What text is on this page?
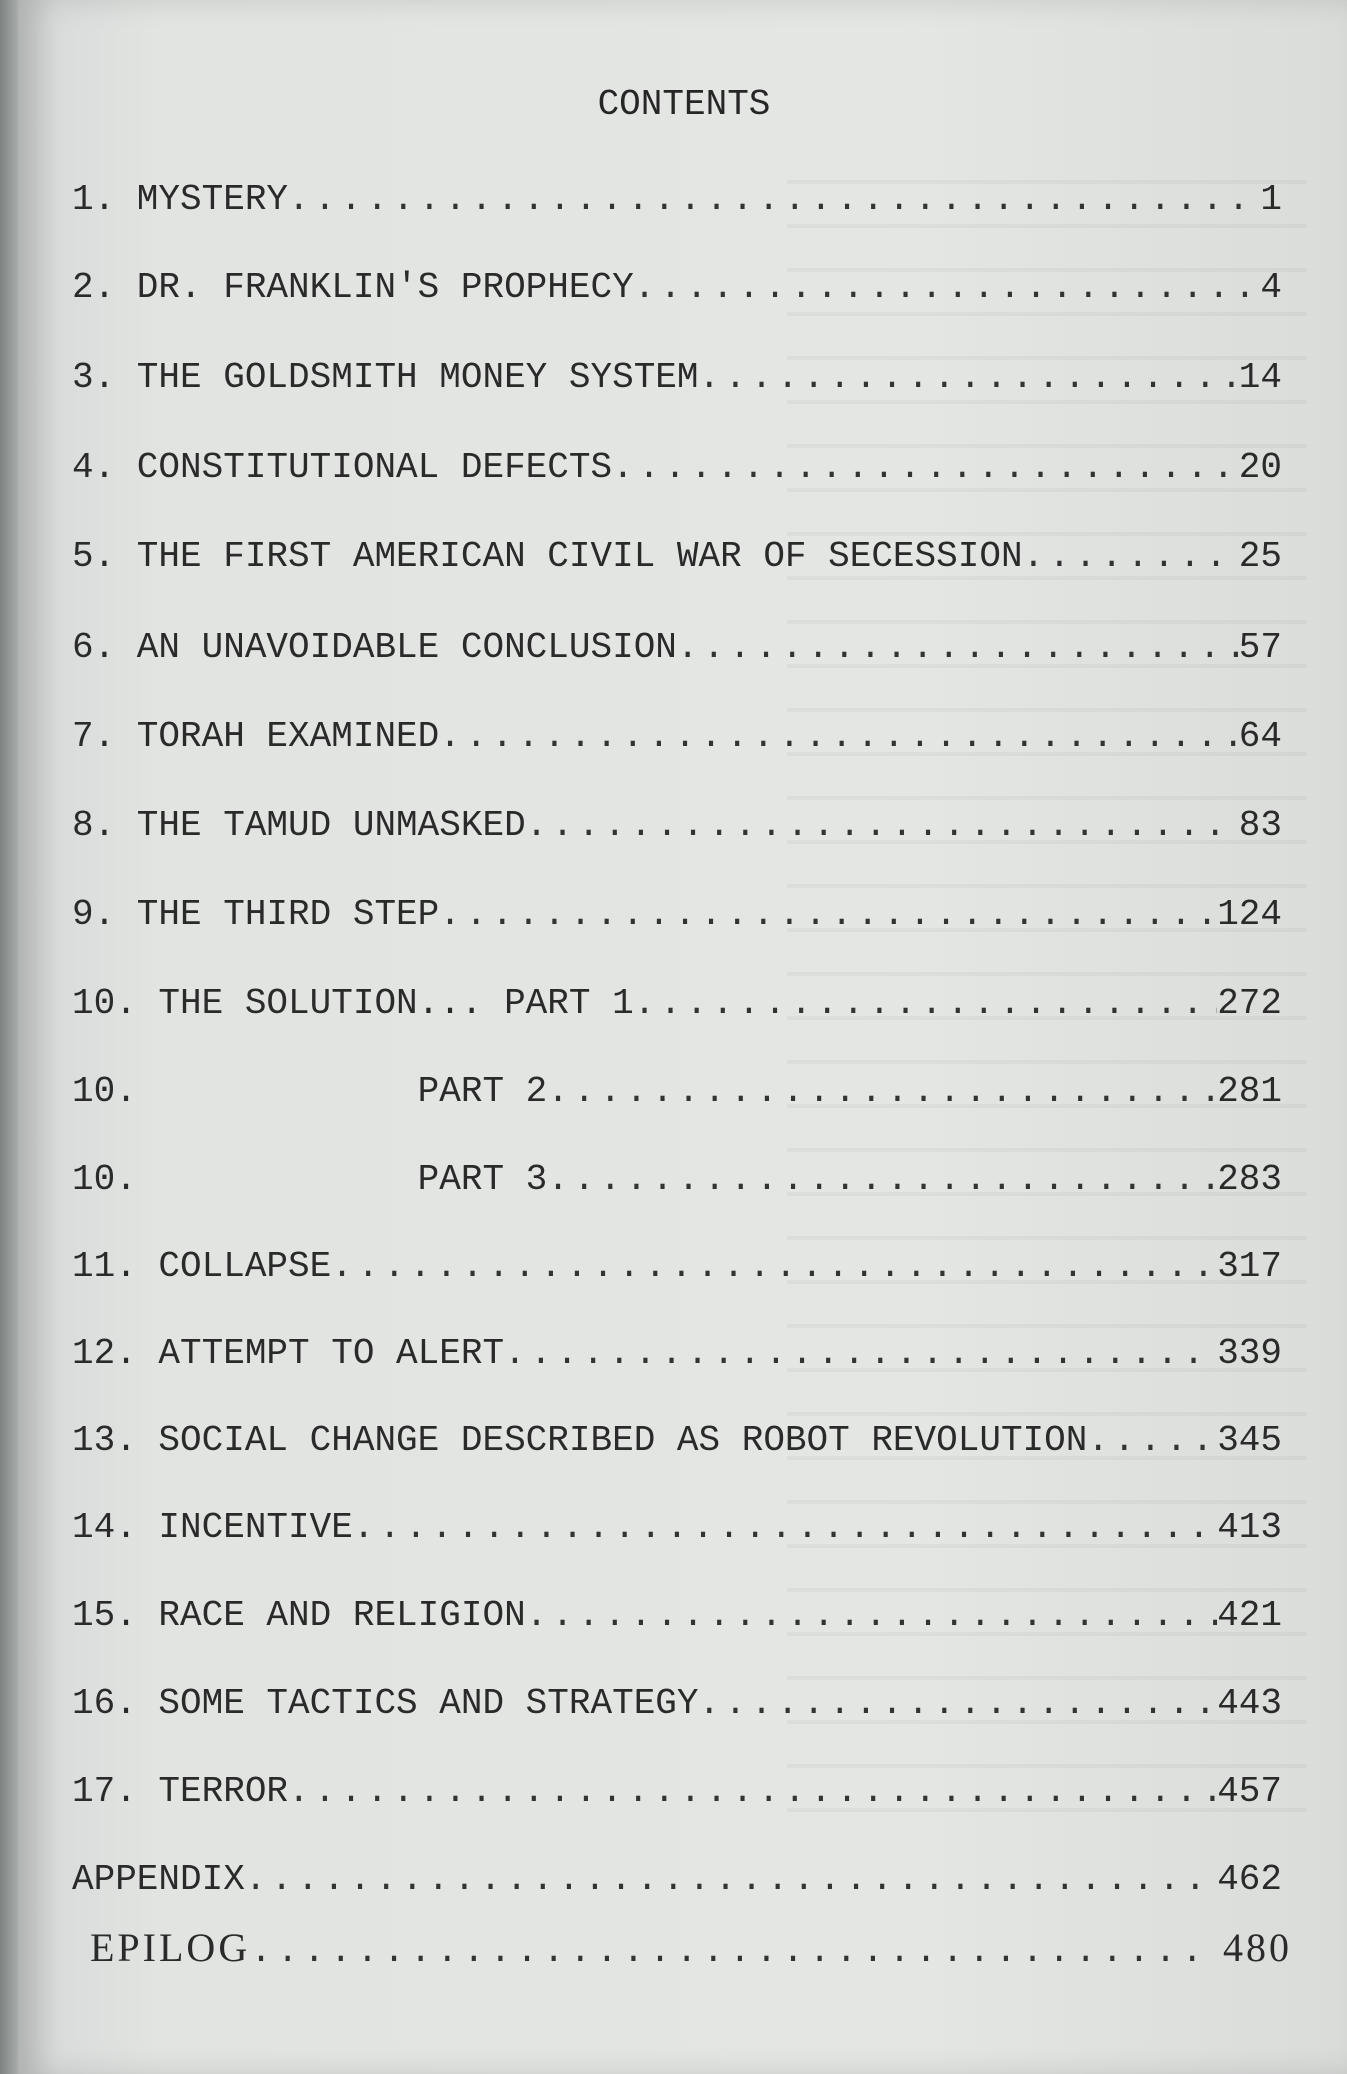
CONTENTS
1. MYSTERY .....	1
2. DR. FRANKLIN'S PROPHECY .....	4
3. THE GOLDSMITH MONEY SYSTEM .....	14
4. CONSTITUTIONAL DEFECTS .....	20
5. THE FIRST AMERICAN CIVIL WAR OF SECESSION .....	25
6. AN UNAVOIDABLE CONCLUSION .....	57
7. TORAH EXAMINED .....	64
8. THE TAMUD UNMASKED .....	83
9. THE THIRD STEP .....	124
10. THE SOLUTION... PART 1 .....	272
10.             PART 2 .....	281
10.             PART 3 .....	283
11. COLLAPSE .....	317
12. ATTEMPT TO ALERT .....	339
13. SOCIAL CHANGE DESCRIBED AS ROBOT REVOLUTION .....	345
14. INCENTIVE .....	413
15. RACE AND RELIGION .....	421
16. SOME TACTICS AND STRATEGY .....	443
17. TERROR .....	457
APPENDIX .....	462
EPILOG .....	480
